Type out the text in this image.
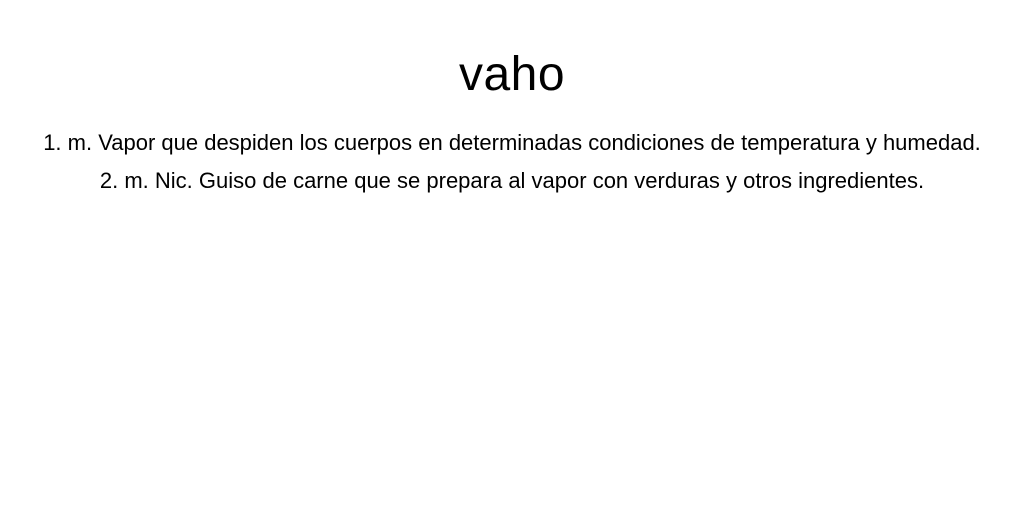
vaho

1. m. Vapor que despiden los cuerpos en determinadas condiciones de temperatura y humedad.

2. m. Nic. Guiso de carne que se prepara al vapor con verduras y otros ingredientes.
